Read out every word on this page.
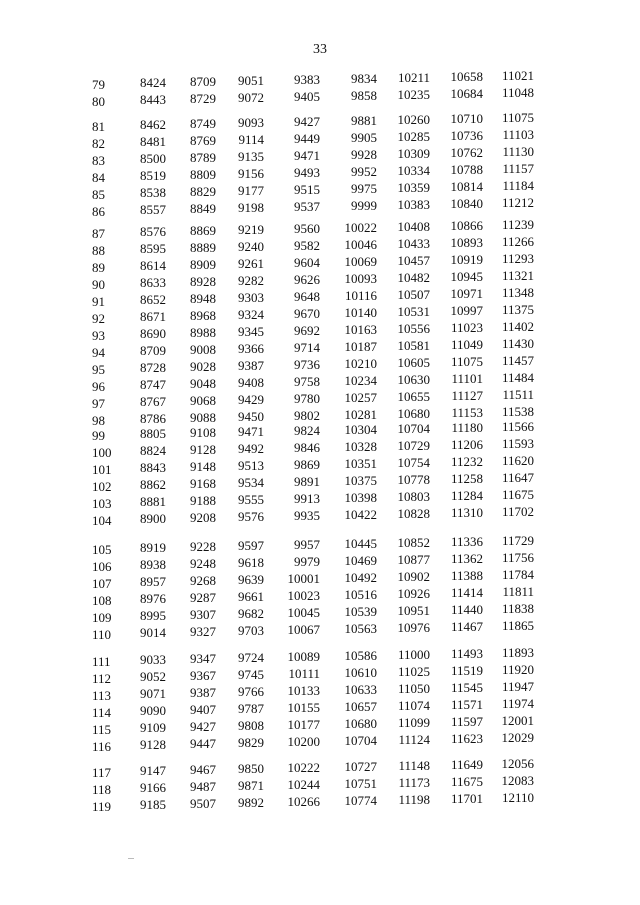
33
79	8424	8709	9051	9383	9834	10211	10658	11021
80	8443	8729	9072	9405	9858	10235	10684	11048
81	8462	8749	9093	9427	9881	10260	10710	11075
82	8481	8769	9114	9449	9905	10285	10736	11103
83	8500	8789	9135	9471	9928	10309	10762	11130
84	8519	8809	9156	9493	9952	10334	10788	11157
85	8538	8829	9177	9515	9975	10359	10814	11184
86	8557	8849	9198	9537	9999	10383	10840	11212
87	8576	8869	9219	9560	10022	10408	10866	11239
88	8595	8889	9240	9582	10046	10433	10893	11266
89	8614	8909	9261	9604	10069	10457	10919	11293
90	8633	8928	9282	9626	10093	10482	10945	11321
91	8652	8948	9303	9648	10116	10507	10971	11348
92	8671	8968	9324	9670	10140	10531	10997	11375
93	8690	8988	9345	9692	10163	10556	11023	11402
94	8709	9008	9366	9714	10187	10581	11049	11430
95	8728	9028	9387	9736	10210	10605	11075	11457
96	8747	9048	9408	9758	10234	10630	11101	11484
97	8767	9068	9429	9780	10257	10655	11127	11511
98	8786	9088	9450	9802	10281	10680	11153	11538
99	8805	9108	9471	9824	10304	10704	11180	11566
100	8824	9128	9492	9846	10328	10729	11206	11593
101	8843	9148	9513	9869	10351	10754	11232	11620
102	8862	9168	9534	9891	10375	10778	11258	11647
103	8881	9188	9555	9913	10398	10803	11284	11675
104	8900	9208	9576	9935	10422	10828	11310	11702
105	8919	9228	9597	9957	10445	10852	11336	11729
106	8938	9248	9618	9979	10469	10877	11362	11756
107	8957	9268	9639	10001	10492	10902	11388	11784
108	8976	9287	9661	10023	10516	10926	11414	11811
109	8995	9307	9682	10045	10539	10951	11440	11838
110	9014	9327	9703	10067	10563	10976	11467	11865
111	9033	9347	9724	10089	10586	11000	11493	11893
112	9052	9367	9745	10111	10610	11025	11519	11920
113	9071	9387	9766	10133	10633	11050	11545	11947
114	9090	9407	9787	10155	10657	11074	11571	11974
115	9109	9427	9808	10177	10680	11099	11597	12001
116	9128	9447	9829	10200	10704	11124	11623	12029
117	9147	9467	9850	10222	10727	11148	11649	12056
118	9166	9487	9871	10244	10751	11173	11675	12083
119	9185	9507	9892	10266	10774	11198	11701	12110
